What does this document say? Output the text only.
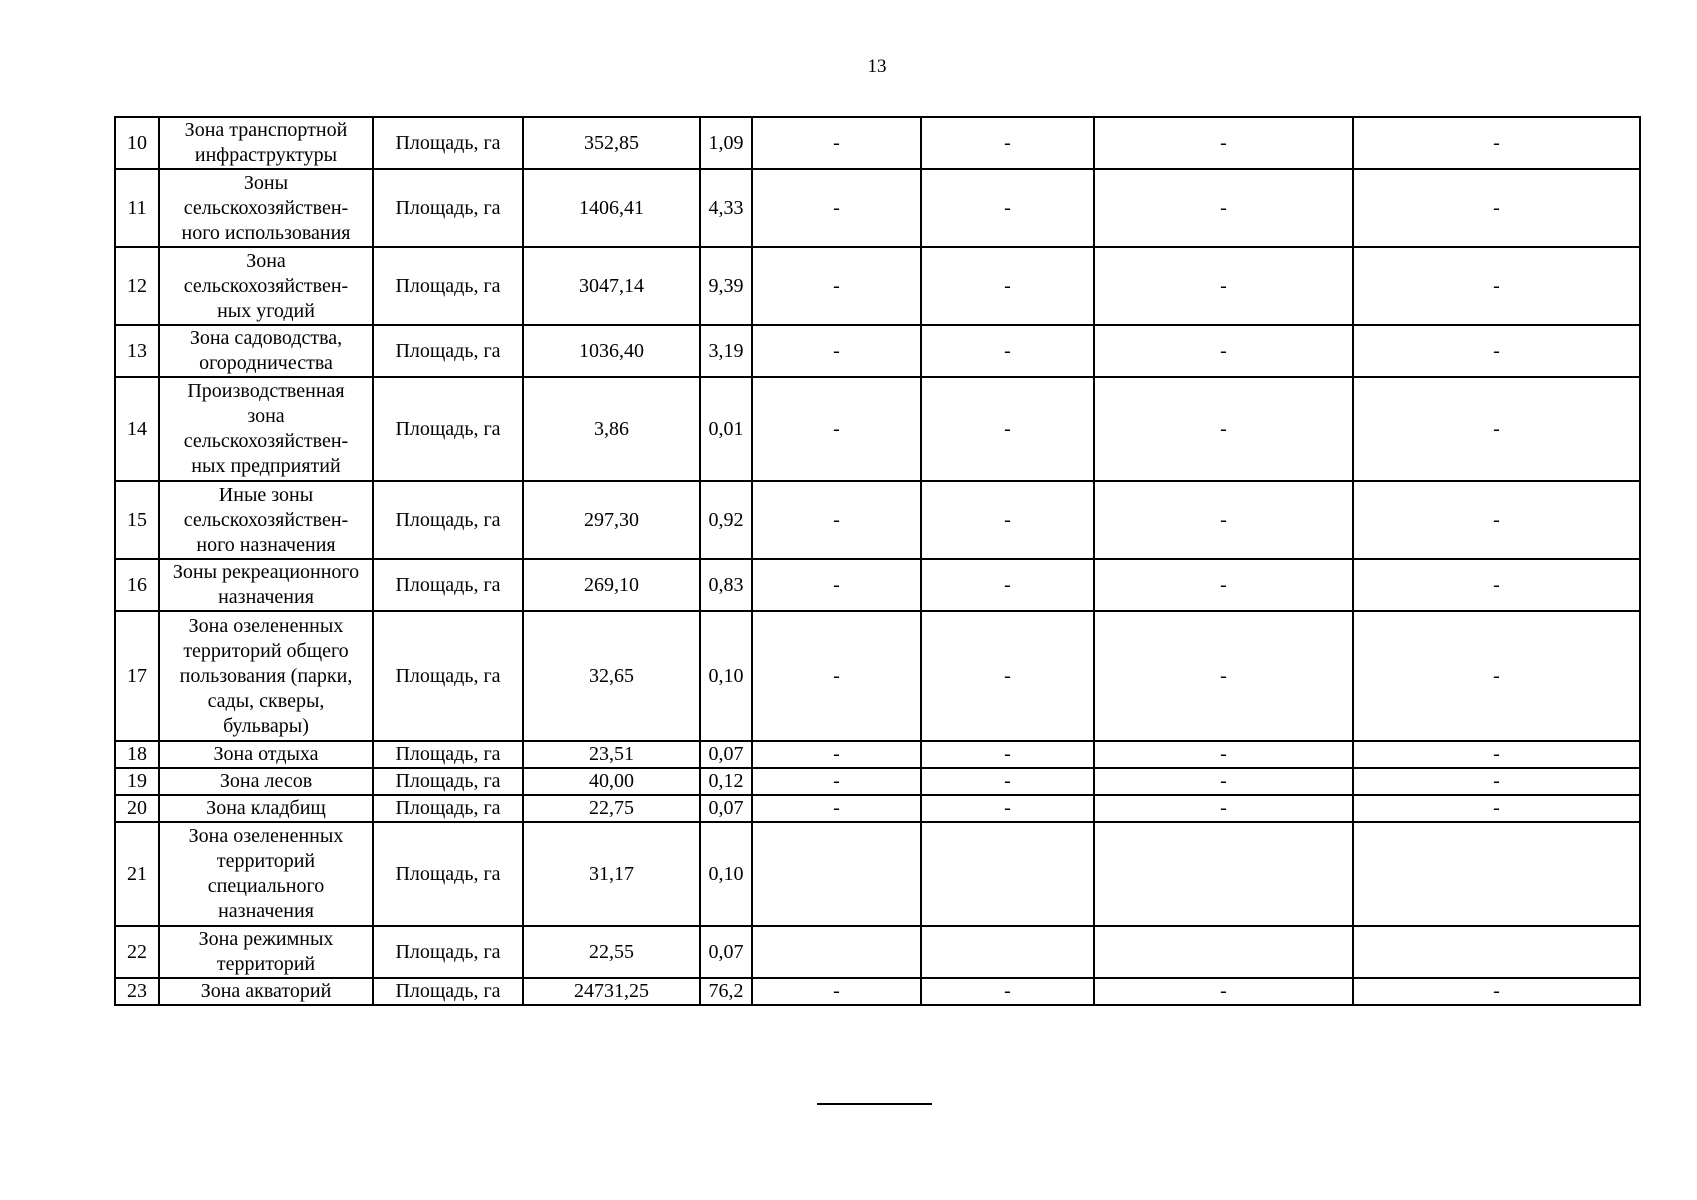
13
10	Зона транспортной
инфраструктуры	Площадь, га	352,85	1,09	-	-	-	-
11	Зоны
сельскохозяйствен-
ного использования	Площадь, га	1406,41	4,33	-	-	-	-
12	Зона
сельскохозяйствен-
ных угодий	Площадь, га	3047,14	9,39	-	-	-	-
13	Зона садоводства,
огородничества	Площадь, га	1036,40	3,19	-	-	-	-
14	Производственная
зона
сельскохозяйствен-
ных предприятий	Площадь, га	3,86	0,01	-	-	-	-
15	Иные зоны
сельскохозяйствен-
ного назначения	Площадь, га	297,30	0,92	-	-	-	-
16	Зоны рекреационного
назначения	Площадь, га	269,10	0,83	-	-	-	-
17	Зона озелененных
территорий общего
пользования (парки,
сады, скверы,
бульвары)	Площадь, га	32,65	0,10	-	-	-	-
18	Зона отдыха	Площадь, га	23,51	0,07	-	-	-	-
19	Зона лесов	Площадь, га	40,00	0,12	-	-	-	-
20	Зона кладбищ	Площадь, га	22,75	0,07	-	-	-	-
21	Зона озелененных
территорий
специального
назначения	Площадь, га	31,17	0,10				
22	Зона режимных
территорий	Площадь, га	22,55	0,07				
23	Зона акваторий	Площадь, га	24731,25	76,2	-	-	-	-
